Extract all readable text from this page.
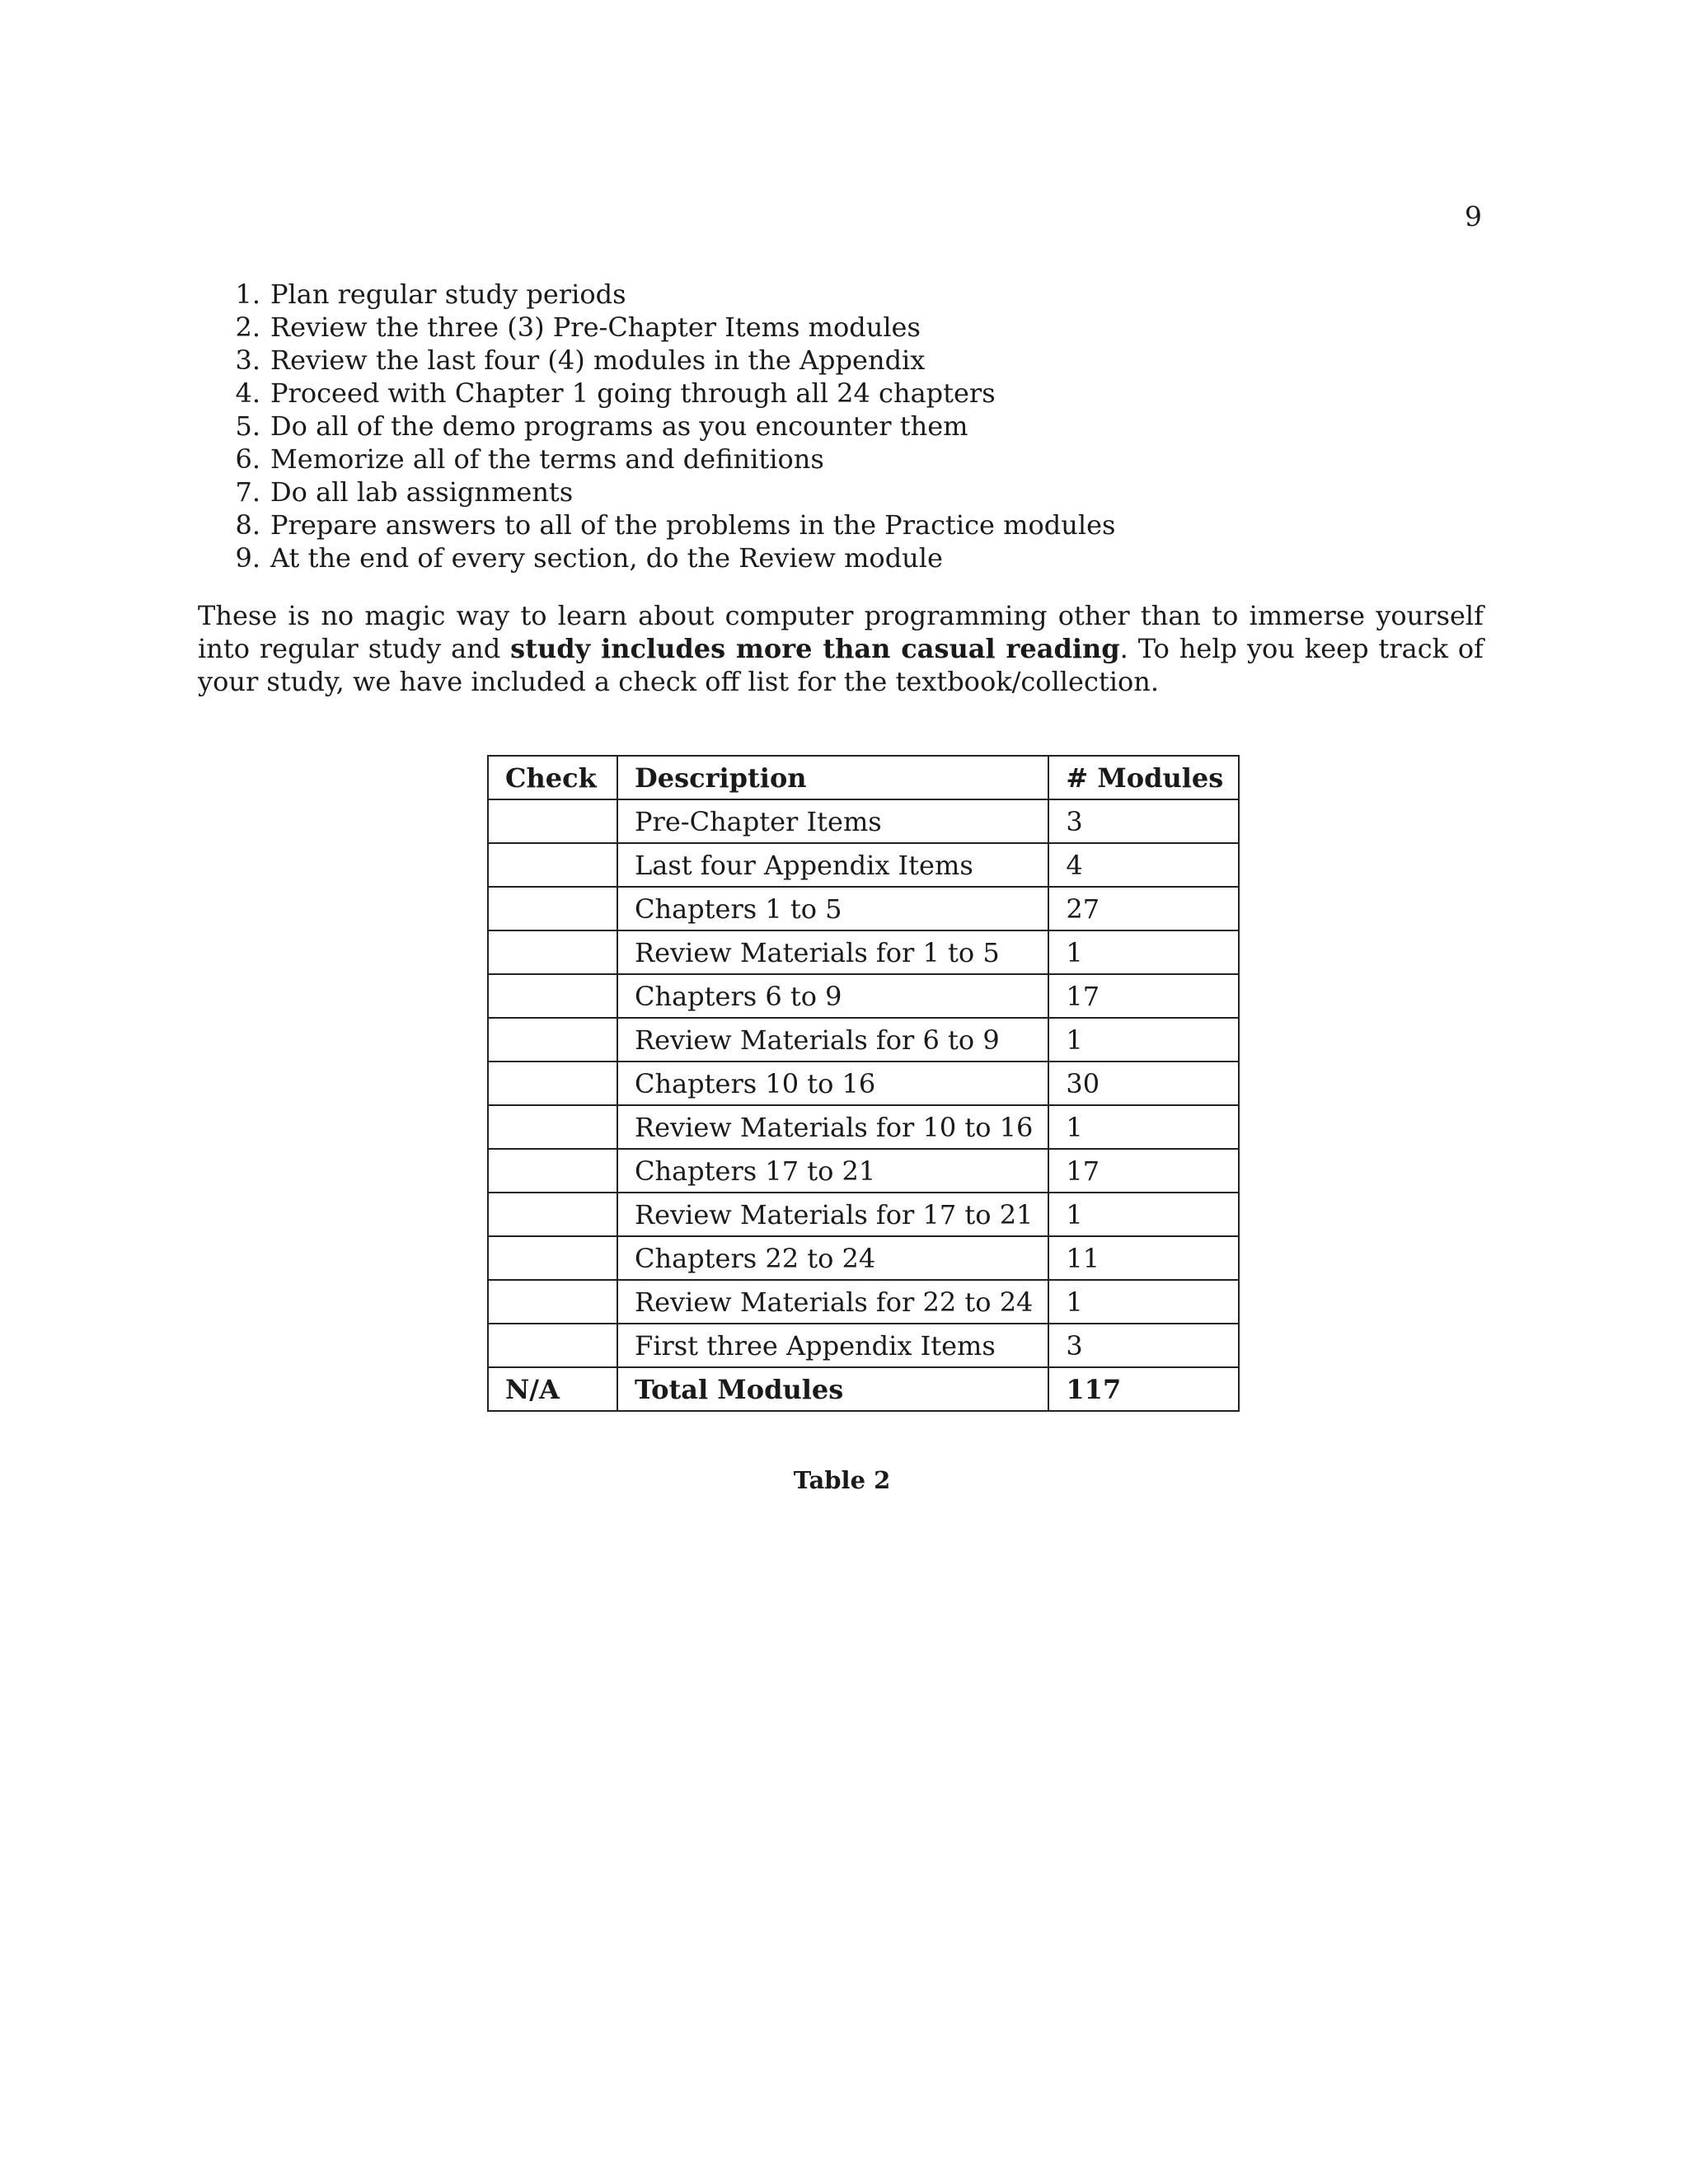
9
1. Plan regular study periods
2. Review the three (3) Pre-Chapter Items modules
3. Review the last four (4) modules in the Appendix
4. Proceed with Chapter 1 going through all 24 chapters
5. Do all of the demo programs as you encounter them
6. Memorize all of the terms and definitions
7. Do all lab assignments
8. Prepare answers to all of the problems in the Practice modules
9. At the end of every section, do the Review module

These is no magic way to learn about computer programming other than to immerse yourself into regular study and study includes more than casual reading. To help you keep track of your study, we have included a check off list for the textbook/collection.

Check	Description	# Modules
	Pre-Chapter Items	3
	Last four Appendix Items	4
	Chapters 1 to 5	27
	Review Materials for 1 to 5	1
	Chapters 6 to 9	17
	Review Materials for 6 to 9	1
	Chapters 10 to 16	30
	Review Materials for 10 to 16	1
	Chapters 17 to 21	17
	Review Materials for 17 to 21	1
	Chapters 22 to 24	11
	Review Materials for 22 to 24	1
	First three Appendix Items	3
N/A	Total Modules	117
Table 2
